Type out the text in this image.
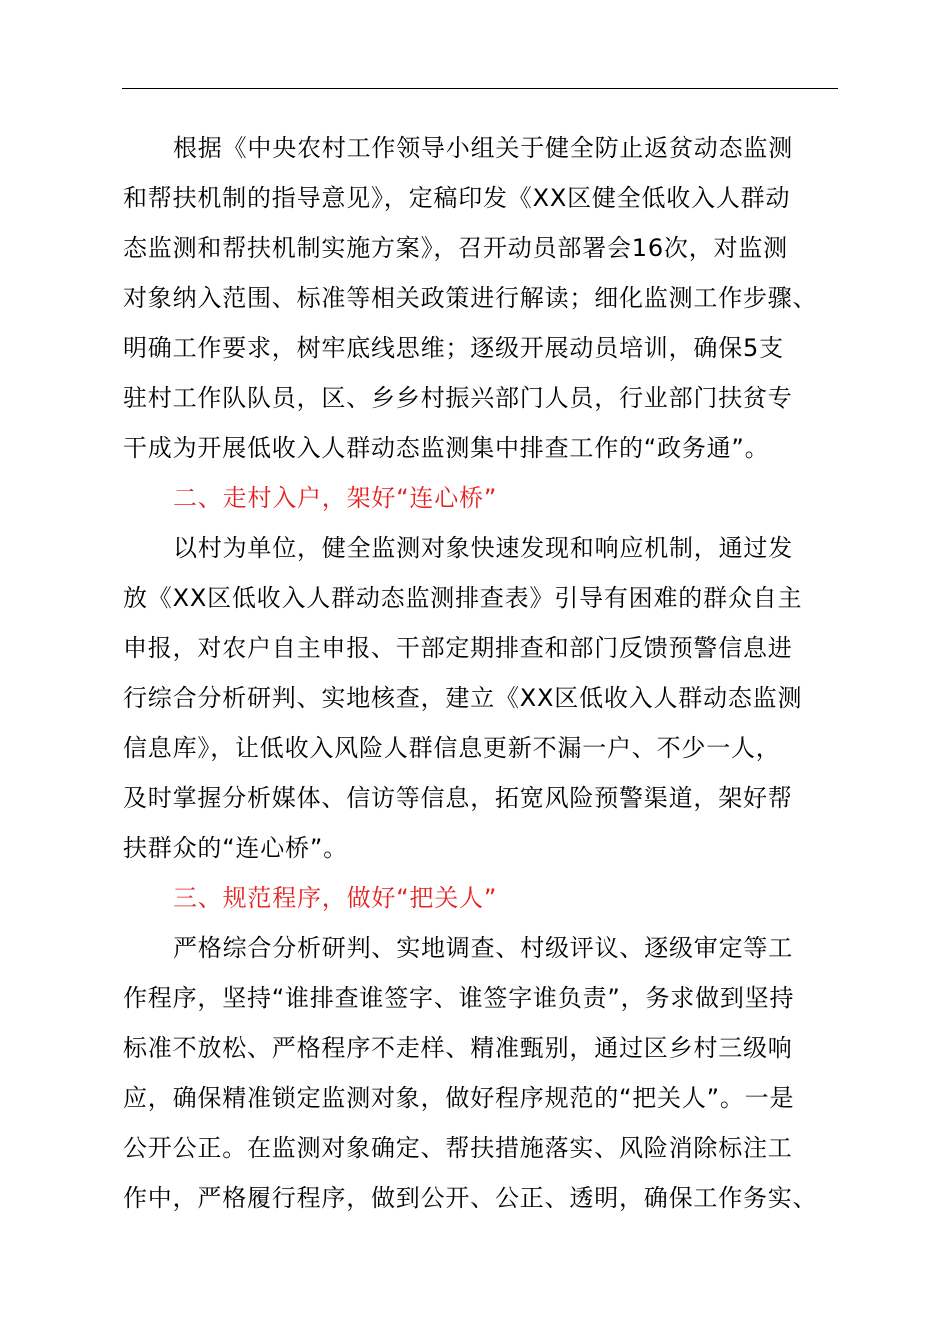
根据《中央农村工作领导小组关于健全防止返贫动态监测
和帮扶机制的指导意见》，定稿印发《XX区健全低收入人群动
态监测和帮扶机制实施方案》，召开动员部署会16次，对监测
对象纳入范围、标准等相关政策进行解读；细化监测工作步骤、
明确工作要求，树牢底线思维；逐级开展动员培训，确保5支
驻村工作队队员，区、乡乡村振兴部门人员，行业部门扶贫专
干成为开展低收入人群动态监测集中排查工作的“政务通”。
二、走村入户，架好“连心桥”
以村为单位，健全监测对象快速发现和响应机制，通过发
放《XX区低收入人群动态监测排查表》引导有困难的群众自主
申报，对农户自主申报、干部定期排查和部门反馈预警信息进
行综合分析研判、实地核查，建立《XX区低收入人群动态监测
信息库》，让低收入风险人群信息更新不漏一户、不少一人，
及时掌握分析媒体、信访等信息，拓宽风险预警渠道，架好帮
扶群众的“连心桥”。
三、规范程序，做好“把关人”
严格综合分析研判、实地调查、村级评议、逐级审定等工
作程序，坚持“谁排查谁签字、谁签字谁负责”，务求做到坚持
标准不放松、严格程序不走样、精准甄别，通过区乡村三级响
应，确保精准锁定监测对象，做好程序规范的“把关人”。一是
公开公正。在监测对象确定、帮扶措施落实、风险消除标注工
作中，严格履行程序，做到公开、公正、透明，确保工作务实、
